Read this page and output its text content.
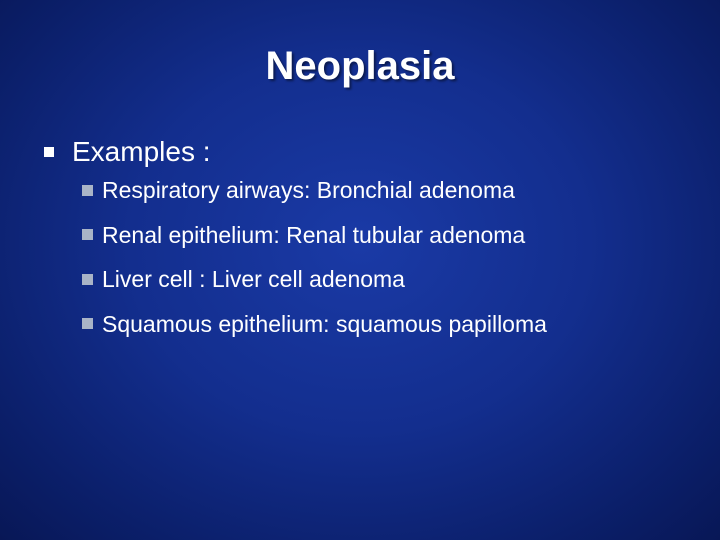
Neoplasia
Examples :
Respiratory airways: Bronchial adenoma
Renal epithelium: Renal tubular adenoma
Liver cell : Liver cell adenoma
Squamous epithelium: squamous papilloma
